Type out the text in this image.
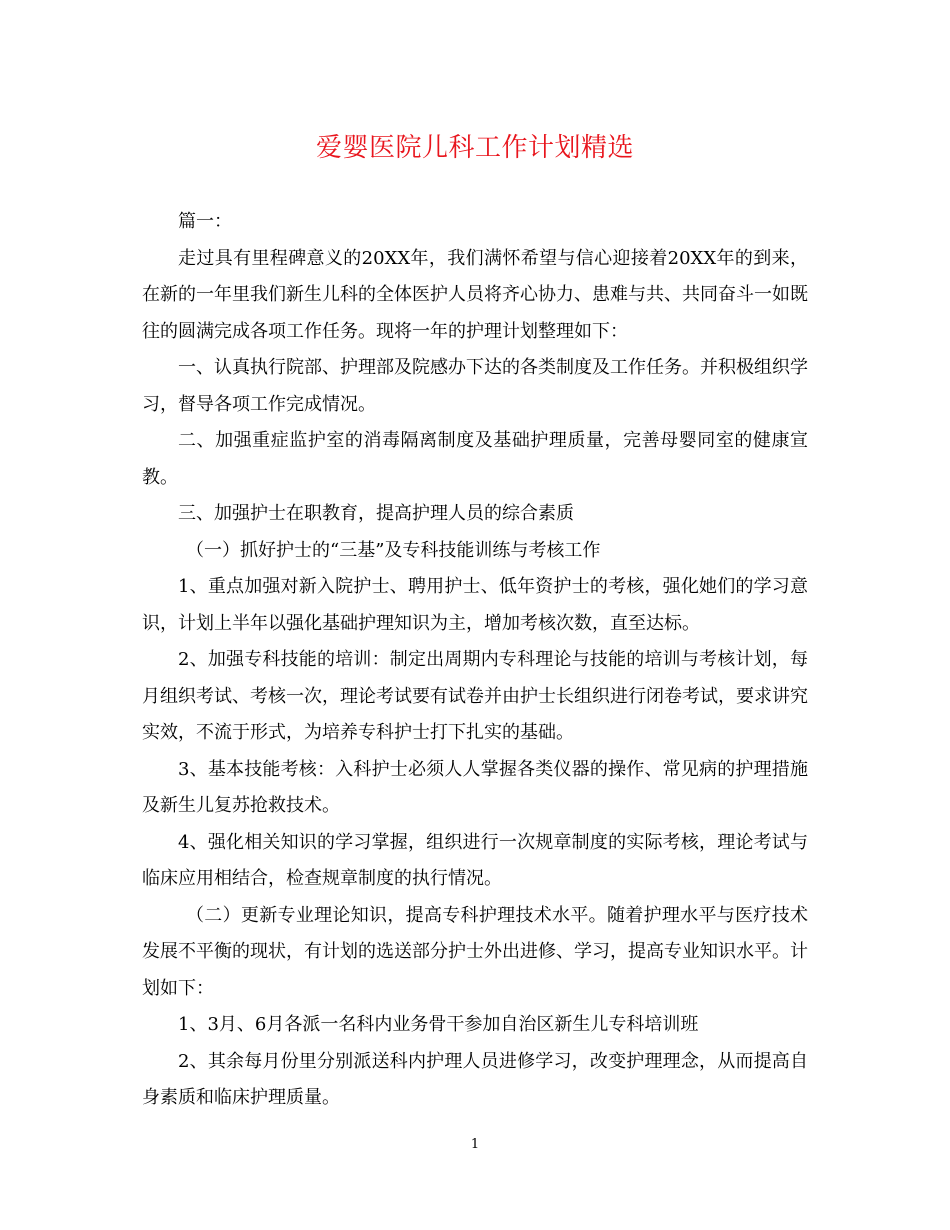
爱婴医院儿科工作计划精选

篇一：

走过具有里程碑意义的20XX年，我们满怀希望与信心迎接着20XX年的到来，在新的一年里我们新生儿科的全体医护人员将齐心协力、患难与共、共同奋斗一如既往的圆满完成各项工作任务。现将一年的护理计划整理如下：

一、认真执行院部、护理部及院感办下达的各类制度及工作任务。并积极组织学习，督导各项工作完成情况。

二、加强重症监护室的消毒隔离制度及基础护理质量，完善母婴同室的健康宣教。

三、加强护士在职教育，提高护理人员的综合素质

（一）抓好护士的“三基”及专科技能训练与考核工作

1、重点加强对新入院护士、聘用护士、低年资护士的考核，强化她们的学习意识，计划上半年以强化基础护理知识为主，增加考核次数，直至达标。

2、加强专科技能的培训：制定出周期内专科理论与技能的培训与考核计划，每月组织考试、考核一次，理论考试要有试卷并由护士长组织进行闭卷考试，要求讲究实效，不流于形式，为培养专科护士打下扎实的基础。

3、基本技能考核：入科护士必须人人掌握各类仪器的操作、常见病的护理措施及新生儿复苏抢救技术。

4、强化相关知识的学习掌握，组织进行一次规章制度的实际考核，理论考试与临床应用相结合，检查规章制度的执行情况。

（二）更新专业理论知识，提高专科护理技术水平。随着护理水平与医疗技术发展不平衡的现状，有计划的选送部分护士外出进修、学习，提高专业知识水平。计划如下：

1、3月、6月各派一名科内业务骨干参加自治区新生儿专科培训班

2、其余每月份里分别派送科内护理人员进修学习，改变护理理念，从而提高自身素质和临床护理质量。

1
